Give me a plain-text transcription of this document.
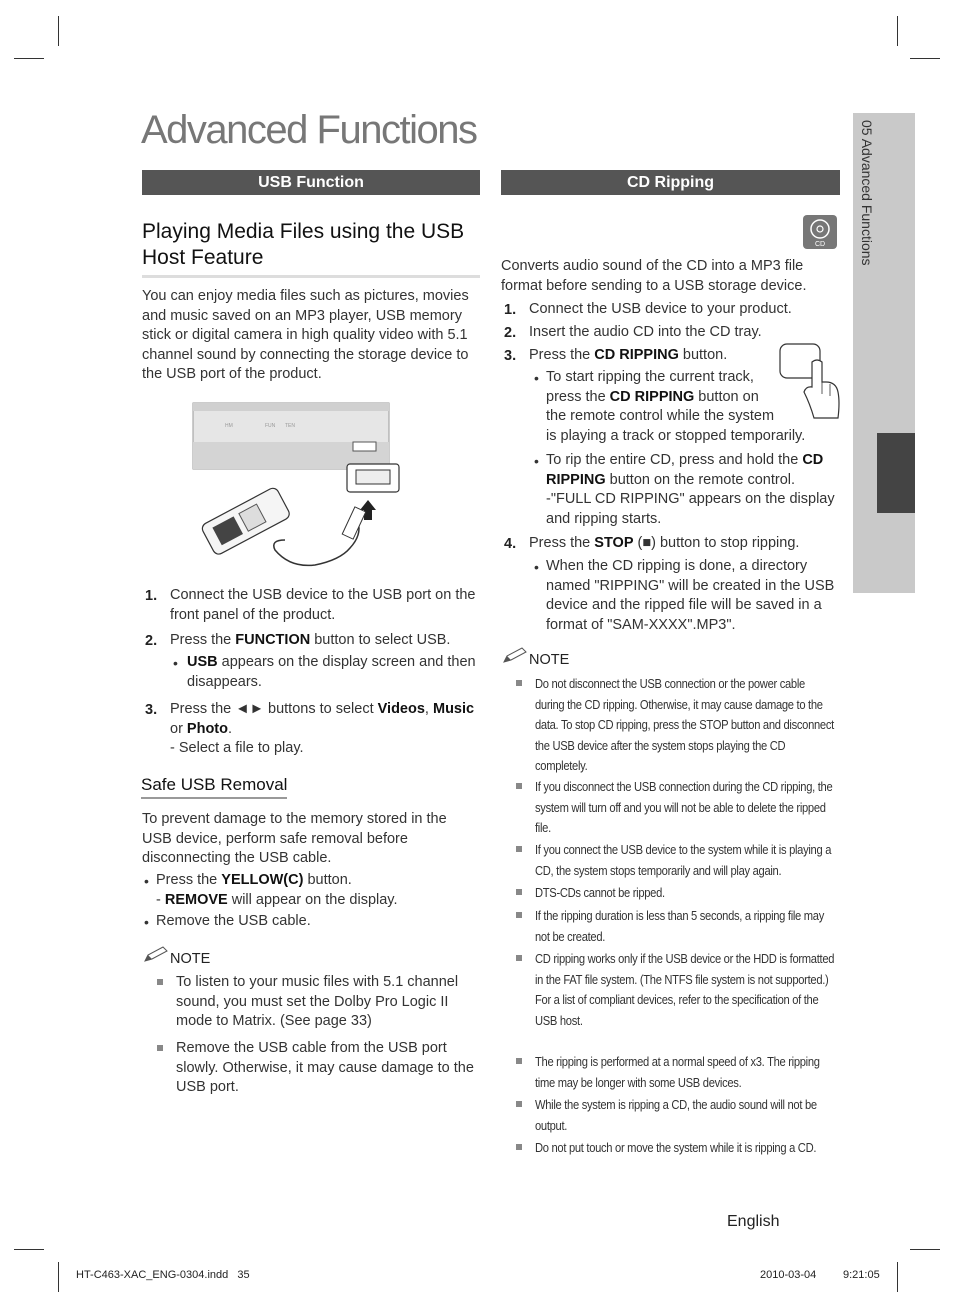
05 Advanced Functions
Advanced Functions
USB Function
Playing Media Files using the USB Host Feature

You can enjoy media files such as pictures, movies and music saved on an MP3 player, USB memory stick or digital camera in high quality video with 5.1 channel sound by connecting the storage device to the USB port of the product.

HM	FUN TEN
1. Connect the USB device to the USB port on the front panel of the product.
2. Press the FUNCTION button to select USB.
• USB appears on the display screen and then disappears.
3. Press the ◄► buttons to select Videos, Music
or Photo.
- Select a file to play.
Safe USB Removal

To prevent damage to the memory stored in the USB device, perform safe removal before disconnecting the USB cable.

• Press the YELLOW(C) button.
- REMOVE will appear on the display.
• Remove the USB cable.
NOTE
To listen to your music files with 5.1 channel sound, you must set the Dolby Pro Logic II mode to Matrix. (See page 33)
Remove the USB cable from the USB port slowly. Otherwise, it may cause damage to the USB port.
CD Ripping
CD

Converts audio sound of the CD into a MP3 file format before sending to a USB storage device.

1. Connect the USB device to your product.
2. Insert the audio CD into the CD tray.
3. Press the CD RIPPING button.
• To start ripping the current track,
press the CD RIPPING button on
the remote control while the system
is playing a track or stopped temporarily.
• To rip the entire CD, press and hold the CD RIPPING button on the remote control.
-"FULL CD RIPPING" appears on the display and ripping starts.
4. Press the STOP (■) button to stop ripping.
• When the CD ripping is done, a directory named "RIPPING" will be created in the USB device and the ripped file will be saved in a format of "SAM-XXXX".MP3".
NOTE
Do not disconnect the USB connection or the power cable during the CD ripping. Otherwise, it may cause damage to the data. To stop CD ripping, press the STOP button and disconnect the USB device after the system stops playing the CD completely.
If you disconnect the USB connection during the CD ripping, the system will turn off and you will not be able to delete the ripped file.
If you connect the USB device to the system while it is playing a CD, the system stops temporarily and will play again.
DTS-CDs cannot be ripped.
If the ripping duration is less than 5 seconds, a ripping file may not be created.
CD ripping works only if the USB device or the HDD is formatted in the FAT file system. (The NTFS file system is not supported.)
For a list of compliant devices, refer to the specification of the USB host.
The ripping is performed at a normal speed of x3. The ripping time may be longer with some USB devices.
While the system is ripping a CD, the audio sound will not be output.
Do not put touch or move the system while it is ripping a CD.
English
HT-C463-XAC_ENG-0304.indd   35	2010-03-04 9:21:05
